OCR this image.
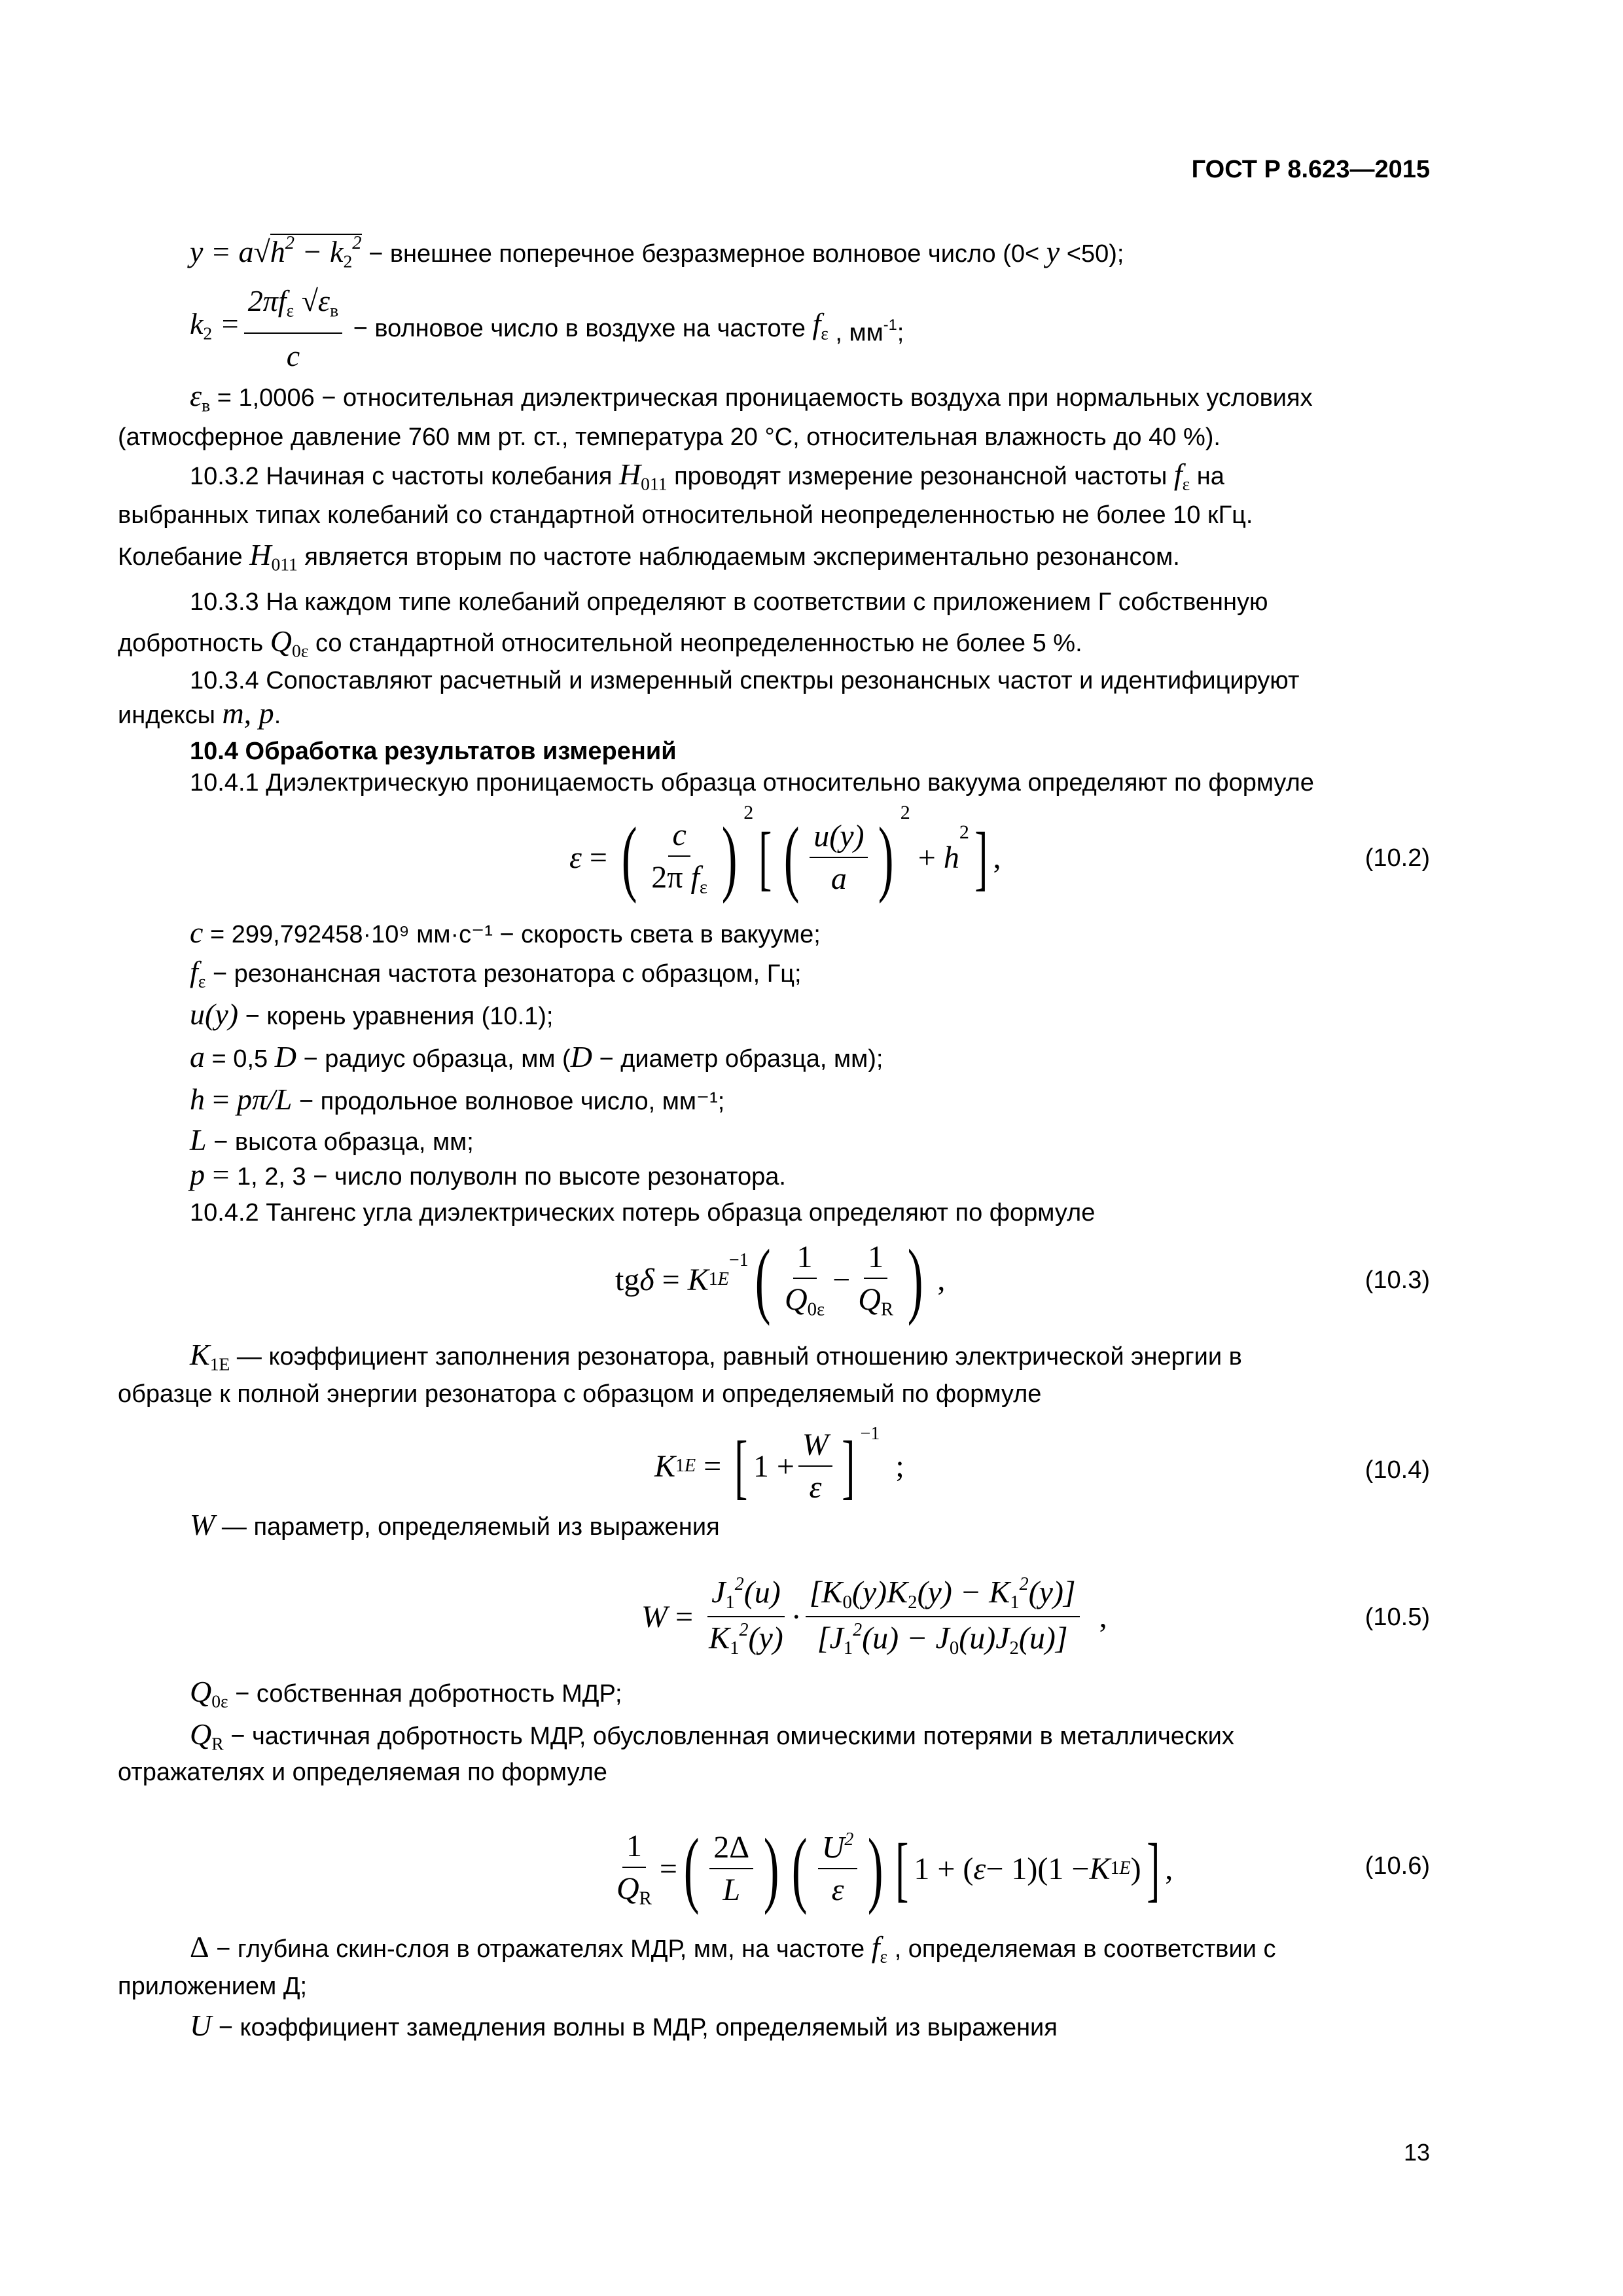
ГОСТ Р 8.623—2015
$y = a√h^2 - k_2^2$ − внешнее поперечное безразмерное волновое число (0< y <50);
$k_2 = \frac{2\pi f_\varepsilon √\varepsilon_в}{c}$ − волновое число в воздухе на частоте $f_\varepsilon$ , $мм^{-1}$;
$\varepsilon_в = 1,0006$ − относительная диэлектрическая проницаемость воздуха при нормальных условиях
(атмосферное давление 760 мм рт. ст., температура 20 °С, относительная влажность до 40 %).
10.3.2 Начиная с частоты колебания $H_{011}$ проводят измерение резонансной частоты $f_\varepsilon$ на
выбранных типах колебаний со стандартной относительной неопределенностью не более 10 кГц.
Колебание $H_{011}$ является вторым по частоте наблюдаемым экспериментально резонансом.
10.3.3 На каждом типе колебаний определяют в соответствии с приложением Г собственную
добротность $Q_{0\varepsilon}$ со стандартной относительной неопределенностью не более 5 %.
10.3.4 Сопоставляют расчетный и измеренный спектры резонансных частот и идентифицируют
индексы m, p.
10.4 Обработка результатов измерений
10.4.1 Диэлектрическую проницаемость образца относительно вакуума определяют по формуле
ε = ( $\frac{c}{2\pi f_\varepsilon}$ ) 2
[ ( $\frac{u(y)}{a}$ ) 2
+ h
2 ] ,	(10.2)
c = 299,792458·10⁹ мм·с⁻¹ − скорость света в вакууме;
$f_\varepsilon$ − резонансная частота резонатора с образцом, Гц;
u(y) − корень уравнения (10.1);
a = 0,5 D − радиус образца, мм (D − диаметр образца, мм);
h = pπ/L − продольное волновое число, мм⁻¹;
L − высота образца, мм;
p = 1, 2, 3 − число полуволн по высоте резонатора.
10.4.2 Тангенс угла диэлектрических потерь образца определяют по формуле
tg δ = K 1E
−1 ( $\frac{1}{Q_{0\varepsilon}} - \frac{1}{Q_R}$ ) ,	(10.3)
$K_{1E}$ — коэффициент заполнения резонатора, равный отношению электрической энергии в
образце к полной энергии резонатора с образцом и определяемый по формуле
K 1E = [ $1 + \frac{W}{\varepsilon}$ ] −1
;	(10.4)
W — параметр, определяемый из выражения
$W = \frac{J_1^2(u)}{K_1^2(y)} \cdot \frac{[K_0(y)K_2(y) - K_1^2(y)]}{[J_1^2(u) - J_0(u)J_2(u)]}$ ,	(10.5)
$Q_{0\varepsilon}$ − собственная добротность МДР;
$Q_R$ − частичная добротность МДР, обусловленная омическими потерями в металлических
отражателях и определяемая по формуле
$\frac{1}{Q_R}$ = ( $\frac{2\Delta}{L}$ ) ( $\frac{U^2}{\varepsilon}$ ) [ 1 + ( ε − 1)(1 − K 1E ) ] ,	(10.6)
Δ − глубина скин-слоя в отражателях МДР, мм, на частоте $f_\varepsilon$ , определяемая в соответствии с
приложением Д;
U − коэффициент замедления волны в МДР, определяемый из выражения
13
